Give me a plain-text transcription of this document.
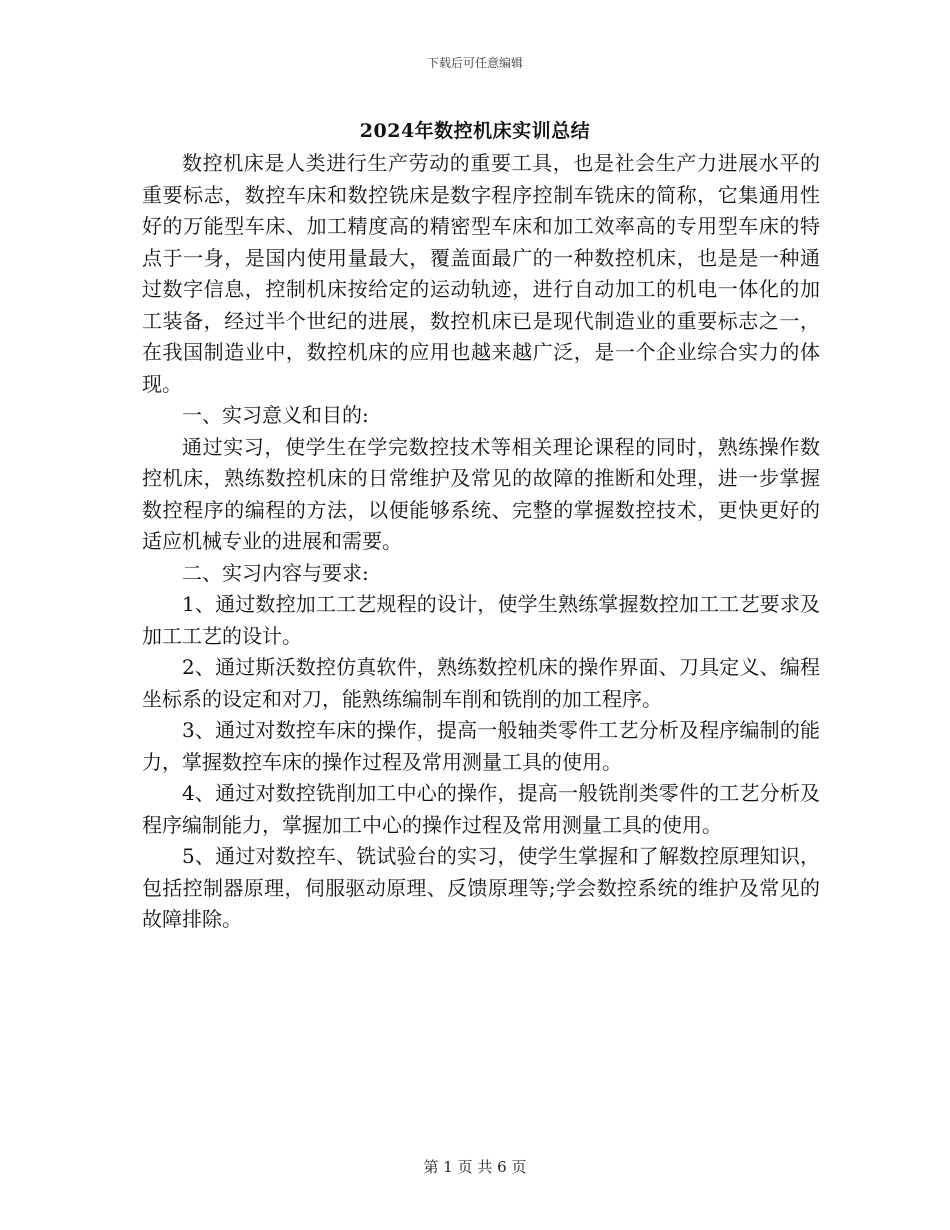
下载后可任意编辑
2024年数控机床实训总结

数控机床是人类进行生产劳动的重要工具，也是社会生产力进展水平的重要标志，数控车床和数控铣床是数字程序控制车铣床的简称，它集通用性好的万能型车床、加工精度高的精密型车床和加工效率高的专用型车床的特点于一身，是国内使用量最大，覆盖面最广的一种数控机床，也是是一种通过数字信息，控制机床按给定的运动轨迹，进行自动加工的机电一体化的加工装备，经过半个世纪的进展，数控机床已是现代制造业的重要标志之一，在我国制造业中，数控机床的应用也越来越广泛，是一个企业综合实力的体现。

一、实习意义和目的:

通过实习，使学生在学完数控技术等相关理论课程的同时，熟练操作数控机床，熟练数控机床的日常维护及常见的故障的推断和处理，进一步掌握数控程序的编程的方法，以便能够系统、完整的掌握数控技术，更快更好的适应机械专业的进展和需要。

二、实习内容与要求:

1、通过数控加工工艺规程的设计，使学生熟练掌握数控加工工艺要求及加工工艺的设计。

2、通过斯沃数控仿真软件，熟练数控机床的操作界面、刀具定义、编程坐标系的设定和对刀，能熟练编制车削和铣削的加工程序。

3、通过对数控车床的操作，提高一般轴类零件工艺分析及程序编制的能力，掌握数控车床的操作过程及常用测量工具的使用。

4、通过对数控铣削加工中心的操作，提高一般铣削类零件的工艺分析及程序编制能力，掌握加工中心的操作过程及常用测量工具的使用。

5、通过对数控车、铣试验台的实习，使学生掌握和了解数控原理知识，包括控制器原理，伺服驱动原理、反馈原理等;学会数控系统的维护及常见的故障排除。

第 1 页 共 6 页
